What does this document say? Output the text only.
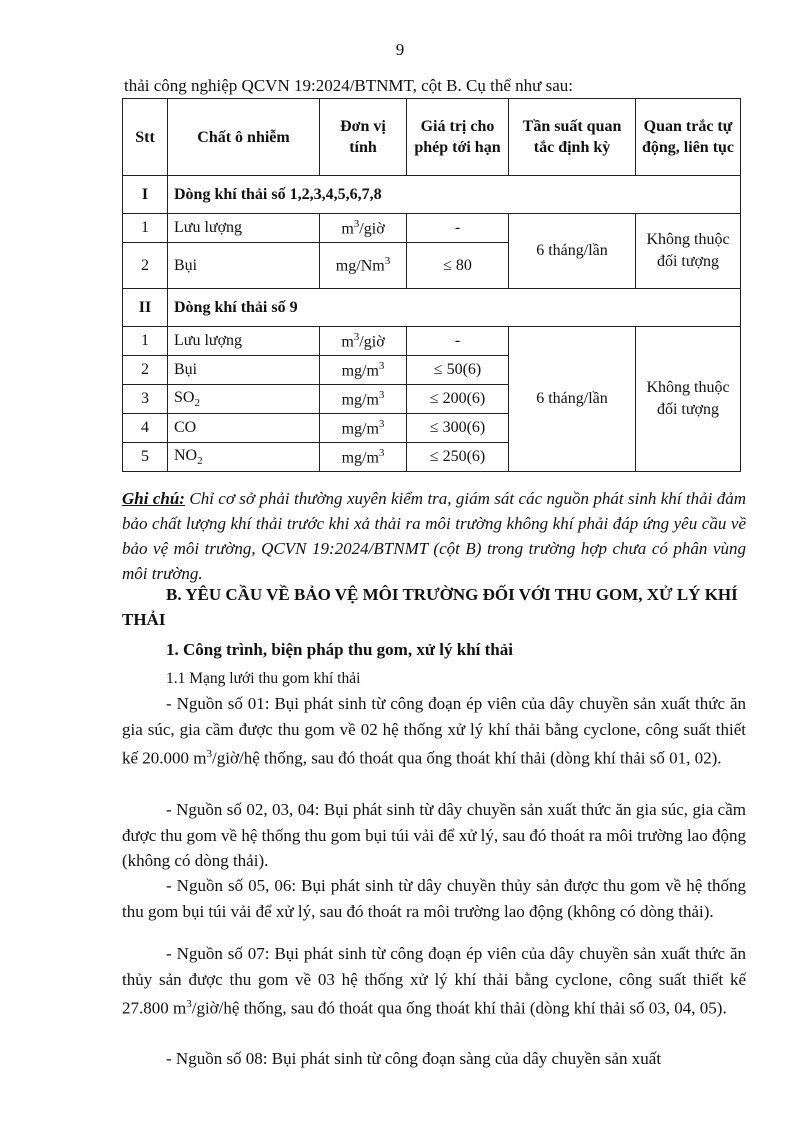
9
thải công nghiệp QCVN 19:2024/BTNMT, cột B. Cụ thể như sau:
Stt	Chất ô nhiễm	Đơn vị tính	Giá trị cho phép tới hạn	Tần suất quan tắc định kỳ	Quan trắc tự động, liên tục
I	Dòng khí thải số 1,2,3,4,5,6,7,8				
1	Lưu lượng	$m^3$/giờ	-	6 tháng/lần	Không thuộc đối tượng
2	Bụi	$mg/Nm^3$	≤ 80		
II	Dòng khí thải số 9				
1	Lưu lượng	$m^3$/giờ	-	6 tháng/lần	Không thuộc đối tượng
2	Bụi	$mg/m^3$	≤ 50(6)		
3	$SO_2$	$mg/m^3$	≤ 200(6)		
4	CO	$mg/m^3$	≤ 300(6)		
5	$NO_2$	$mg/m^3$	≤ 250(6)		
Ghi chú: Chỉ cơ sở phải thường xuyên kiểm tra, giám sát các nguồn phát sinh khí thải đảm bảo chất lượng khí thải trước khi xả thải ra môi trường không khí phải đáp ứng yêu cầu về bảo vệ môi trường, QCVN 19:2024/BTNMT (cột B) trong trường hợp chưa có phân vùng môi trường.
B. YÊU CẦU VỀ BẢO VỆ MÔI TRƯỜNG ĐỐI VỚI THU GOM, XỬ LÝ KHÍ THẢI
1. Công trình, biện pháp thu gom, xử lý khí thải
1.1 Mạng lưới thu gom khí thải

- Nguồn số 01: Bụi phát sinh từ công đoạn ép viên của dây chuyền sản xuất thức ăn gia súc, gia cầm được thu gom về 02 hệ thống xử lý khí thải bằng cyclone, công suất thiết kế 20.000 $m^3/giờ/hệ$ thống, sau đó thoát qua ống thoát khí thải (dòng khí thải số 01, 02).

- Nguồn số 02, 03, 04: Bụi phát sinh từ dây chuyền sản xuất thức ăn gia súc, gia cầm được thu gom về hệ thống thu gom bụi túi vải để xử lý, sau đó thoát ra môi trường lao động (không có dòng thải).

- Nguồn số 05, 06: Bụi phát sinh từ dây chuyền thủy sản được thu gom về hệ thống thu gom bụi túi vải để xử lý, sau đó thoát ra môi trường lao động (không có dòng thải).

- Nguồn số 07: Bụi phát sinh từ công đoạn ép viên của dây chuyền sản xuất thức ăn thủy sản được thu gom về 03 hệ thống xử lý khí thải bằng cyclone, công suất thiết kế 27.800 $m^3/giờ/hệ$ thống, sau đó thoát qua ống thoát khí thải (dòng khí thải số 03, 04, 05).

- Nguồn số 08: Bụi phát sinh từ công đoạn sàng của dây chuyền sản xuất
